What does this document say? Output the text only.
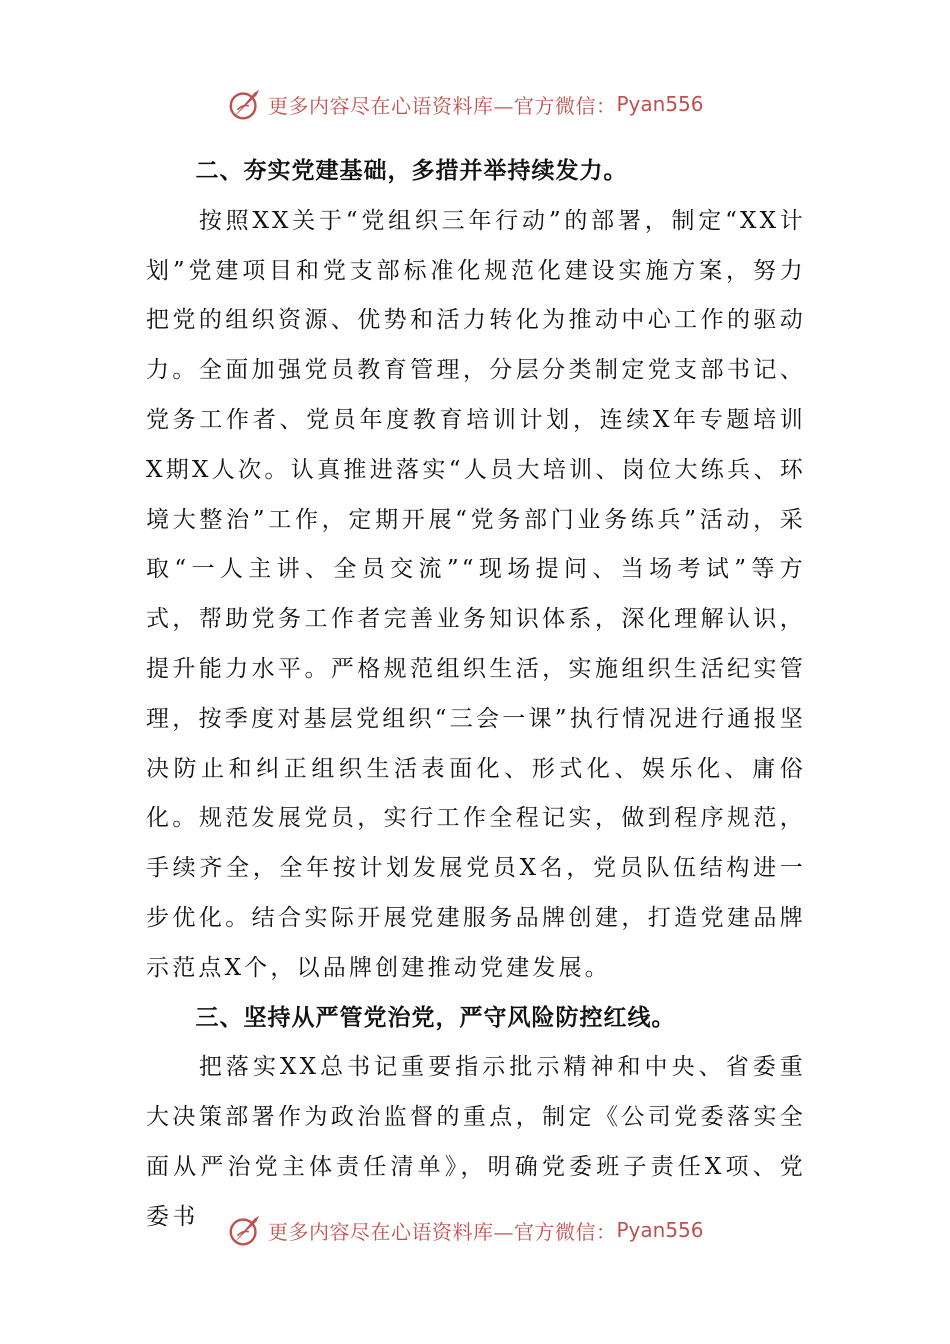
更多内容尽在心语资料库—官方微信： Pyan556

二、夯实党建基础，多措并举持续发力。

按照XX关于“党组织三年行动”的部署，制定“XX计划”党建项目和党支部标准化规范化建设实施方案，努力把党的组织资源、优势和活力转化为推动中心工作的驱动力。全面加强党员教育管理，分层分类制定党支部书记、党务工作者、党员年度教育培训计划，连续X年专题培训X期X人次。认真推进落实“人员大培训、岗位大练兵、环境大整治”工作，定期开展“党务部门业务练兵”活动，采取“一人主讲、全员交流”“现场提问、当场考试”等方式，帮助党务工作者完善业务知识体系，深化理解认识，提升能力水平。严格规范组织生活，实施组织生活纪实管理，按季度对基层党组织“三会一课”执行情况进行通报坚决防止和纠正组织生活表面化、形式化、娱乐化、庸俗化。规范发展党员，实行工作全程记实，做到程序规范，手续齐全，全年按计划发展党员X名，党员队伍结构进一步优化。结合实际开展党建服务品牌创建，打造党建品牌示范点X个，以品牌创建推动党建发展。

三、坚持从严管党治党，严守风险防控红线。

把落实XX总书记重要指示批示精神和中央、省委重大决策部署作为政治监督的重点，制定《公司党委落实全面从严治党主体责任清单》，明确党委班子责任X项、党委书

更多内容尽在心语资料库—官方微信： Pyan556
